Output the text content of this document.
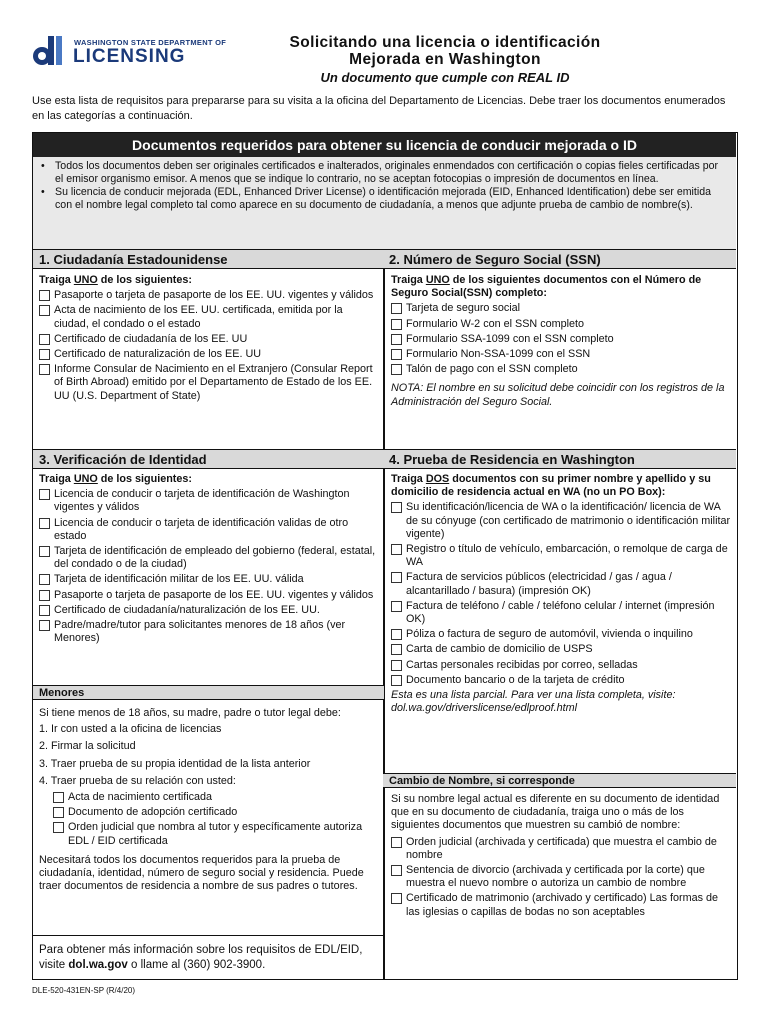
WASHINGTON STATE DEPARTMENT OF
LICENSING
Solicitando una licencia o identificación
Mejorada en Washington
Un documento que cumple con REAL ID
Use esta lista de requisitos para prepararse para su visita a la oficina del Departamento de Licencias. Debe traer los documentos enumerados en las categorías a continuación.
Documentos requeridos para obtener su licencia de conducir mejorada o ID
• Todos los documentos deben ser originales certificados e inalterados, originales enmendados con certificación o copias fieles certificadas por el emisor organismo emisor. A menos que se indique lo contrario, no se aceptan fotocopias o impresión de documentos en línea.
• Su licencia de conducir mejorada (EDL, Enhanced Driver License) o identificación mejorada (EID, Enhanced Identification) debe ser emitida con el nombre legal completo tal como aparece en su documento de ciudadanía, a menos que adjunte prueba de cambio de nombre(s).
1. Ciudadanía Estadounidense
Traiga UNO de los siguientes:
Pasaporte o tarjeta de pasaporte de los EE. UU. vigentes y válidos
Acta de nacimiento de los EE. UU. certificada, emitida por la ciudad, el condado o el estado
Certificado de ciudadanía de los EE. UU
Certificado de naturalización de los EE. UU
Informe Consular de Nacimiento en el Extranjero (Consular Report of Birth Abroad) emitido por el Departamento de Estado de los EE. UU (U.S. Department of State)
2. Número de Seguro Social (SSN)
Traiga UNO de los siguientes documentos con el Número de Seguro Social(SSN) completo:
Tarjeta de seguro social
Formulario W-2 con el SSN completo
Formulario SSA-1099 con el SSN completo
Formulario Non-SSA-1099 con el SSN
Talón de pago con el SSN completo
NOTA: El nombre en su solicitud debe coincidir con los registros de la Administración del Seguro Social.
3. Verificación de Identidad
Traiga UNO de los siguientes:
Licencia de conducir o tarjeta de identificación de Washington vigentes y válidos
Licencia de conducir o tarjeta de identificación validas de otro estado
Tarjeta de identificación de empleado del gobierno (federal, estatal, del condado o de la ciudad)
Tarjeta de identificación militar de los EE. UU. válida
Pasaporte o tarjeta de pasaporte de los EE. UU. vigentes y válidos
Certificado de ciudadanía/naturalización de los EE. UU.
Padre/madre/tutor para solicitantes menores de 18 años (ver Menores)
Menores
Si tiene menos de 18 años, su madre, padre o tutor legal debe:
1. Ir con usted a la oficina de licencias
2. Firmar la solicitud
3. Traer prueba de su propia identidad de la lista anterior
4. Traer prueba de su relación con usted:
Acta de nacimiento certificada
Documento de adopción certificado
Orden judicial que nombra al tutor y específicamente autoriza EDL / EID certificada
Necesitará todos los documentos requeridos para la prueba de ciudadanía, identidad, número de seguro social y residencia. Puede traer documentos de residencia a nombre de sus padres o tutores.
Para obtener más información sobre los requisitos de EDL/EID, visite dol.wa.gov o llame al (360) 902-3900.
4. Prueba de Residencia en Washington
Traiga DOS documentos con su primer nombre y apellido y su domicilio de residencia actual en WA (no un PO Box):
Su identificación/licencia de WA o la identificación/ licencia de WA de su cónyuge (con certificado de matrimonio o identificación militar vigente)
Registro o título de vehículo, embarcación, o remolque de carga de WA
Factura de servicios públicos (electricidad / gas / agua / alcantarillado / basura) (impresión OK)
Factura de teléfono / cable / teléfono celular / internet (impresión OK)
Póliza o factura de seguro de automóvil, vivienda o inquilino
Carta de cambio de domicilio de USPS
Cartas personales recibidas por correo, selladas
Documento bancario o de la tarjeta de crédito
Esta es una lista parcial. Para ver una lista completa, visite: dol.wa.gov/driverslicense/edlproof.html
Cambio de Nombre, si corresponde
Si su nombre legal actual es diferente en su documento de identidad que en su documento de ciudadanía, traiga uno o más de los siguientes documentos que muestren su cambió de nombre:
Orden judicial (archivada y certificada) que muestra el cambio de nombre
Sentencia de divorcio (archivada y certificada por la corte) que muestra el nuevo nombre o autoriza un cambio de nombre
Certificado de matrimonio (archivado y certificado) Las formas de las iglesias o capillas de bodas no son aceptables
DLE-520-431EN-SP (R/4/20)
